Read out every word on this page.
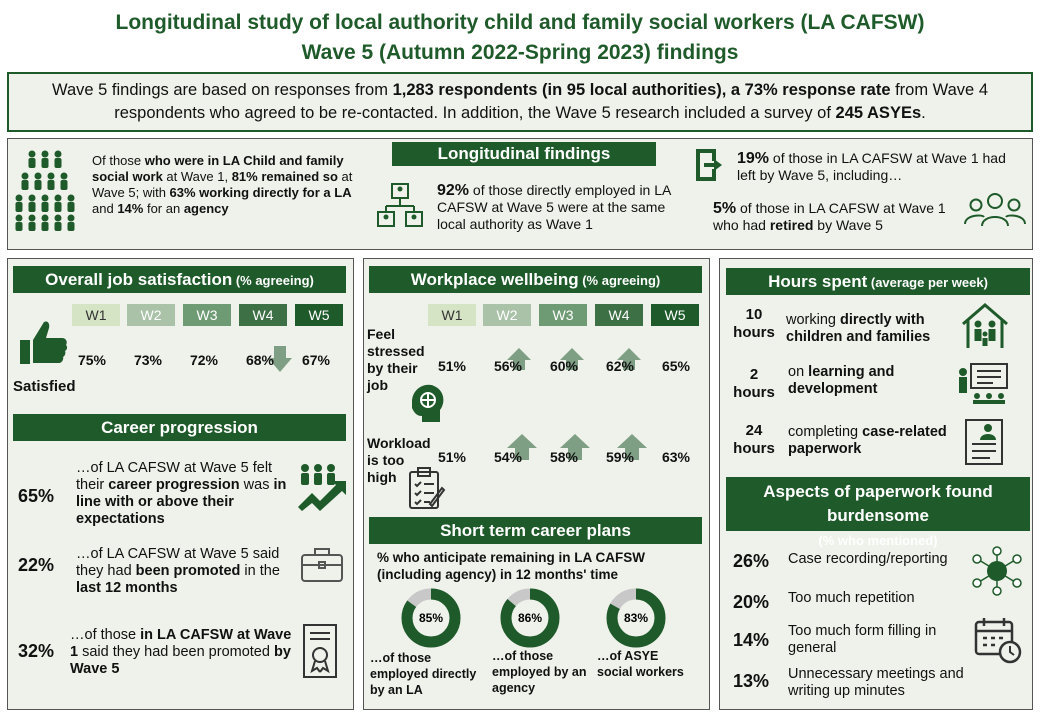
Longitudinal study of local authority child and family social workers (LA CAFSW)
Wave 5 (Autumn 2022-Spring 2023) findings
Wave 5 findings are based on responses from 1,283 respondents (in 95 local authorities), a 73% response rate from Wave 4 respondents who agreed to be re-contacted. In addition, the Wave 5 research included a survey of 245 ASYEs.
Longitudinal findings
Of those who were in LA Child and family social work at Wave 1, 81% remained so at Wave 5; with 63% working directly for a LA and 14% for an agency
92% of those directly employed in LA CAFSW at Wave 5 were at the same local authority as Wave 1
19% of those in LA CAFSW at Wave 1 had left by Wave 5, including…
5% of those in LA CAFSW at Wave 1 who had retired by Wave 5
Overall job satisfaction (% agreeing)
W1	W2	W3	W4	W5
Satisfied
75%	73%	72%	68%	67%
Career progression
65%
…of LA CAFSW at Wave 5 felt their career progression was in line with or above their expectations
22%
…of LA CAFSW at Wave 5 said they had been promoted in the last 12 months
32%
…of those in LA CAFSW at Wave 1 said they had been promoted by Wave 5
Workplace wellbeing (% agreeing)
W1	W2	W3	W4	W5
Feel stressed by their job
51%	56%	60%	62%	65%
Workload is too high
51%	54%	58%	59%	63%
Short term career plans
% who anticipate remaining in LA CAFSW (including agency) in 12 months' time
85%	86%	83%
…of those employed directly by an LA
…of those employed by an agency
…of ASYE social workers
Hours spent (average per week)
10
hours
working directly with children and families
2
hours
on learning and development
24
hours
completing case-related paperwork
Aspects of paperwork found burdensome
(% who mentioned)
26% Case recording/reporting
20% Too much repetition
14% Too much form filling in general
13% Unnecessary meetings and writing up minutes
